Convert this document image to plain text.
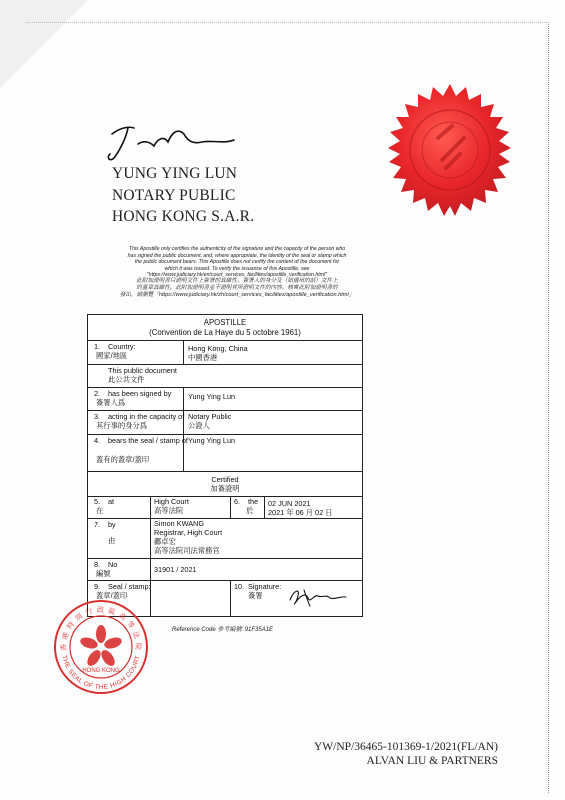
YUNG YING LUN
NOTARY PUBLIC
HONG KONG S.A.R.
This Apostille only certifies the authenticity of the signature and the capacity of the person who
has signed the public document, and, where appropriate, the identity of the seal or stamp which
the public document bears. This Apostille does not certify the content of the document for
which it was issued. To verify the issuance of this Apostille, see
"https://www.judiciary.hk/en/court_services_facilities/apostille_verification.html"
此附加證明書只證明文件上簽署的真確性、簽署人的身分及（如適用的話）文件上
的蓋章真確性。此附加證明書並不證明其所證明文件的內容。核實此附加證明書的
發出，請瀏覽「https://www.judiciary.hk/zh/court_services_facilities/apostille_verification.html」
APOSTILLE
(Convention de La Haye du 5 octobre 1961)
1. Country:
國家/地區
Hong Kong, China
中國香港
This public document
此公共文件
2. has been signed by
簽署人爲
Yung Ying Lun
3. acting in the capacity of
其行事的身分爲
Notary Public
公證人
4. bears the seal / stamp of
蓋有的蓋章/蓋印
Yung Ying Lun
Certified
加簽證明
5. at
在
High Court
高等法院
6. the
於
02 JUN 2021
2021 年 06 月 02 日
7. by
由
Simon KWANG
Registrar, High Court
鄺卓宏
高等法院司法常務官
8. No
編號	31901 / 2021
9. Seal / stamp:
蓋章/蓋印
10. Signature:
簽署
香 港 特 別 行 政 區 高 等 法 院
THE SEAL OF THE HIGH COURT
HONG KONG
Reference Code 參考編號: 91F35A1E
YW/NP/36465-101369-1/2021(FL/AN)
ALVAN LIU & PARTNERS
